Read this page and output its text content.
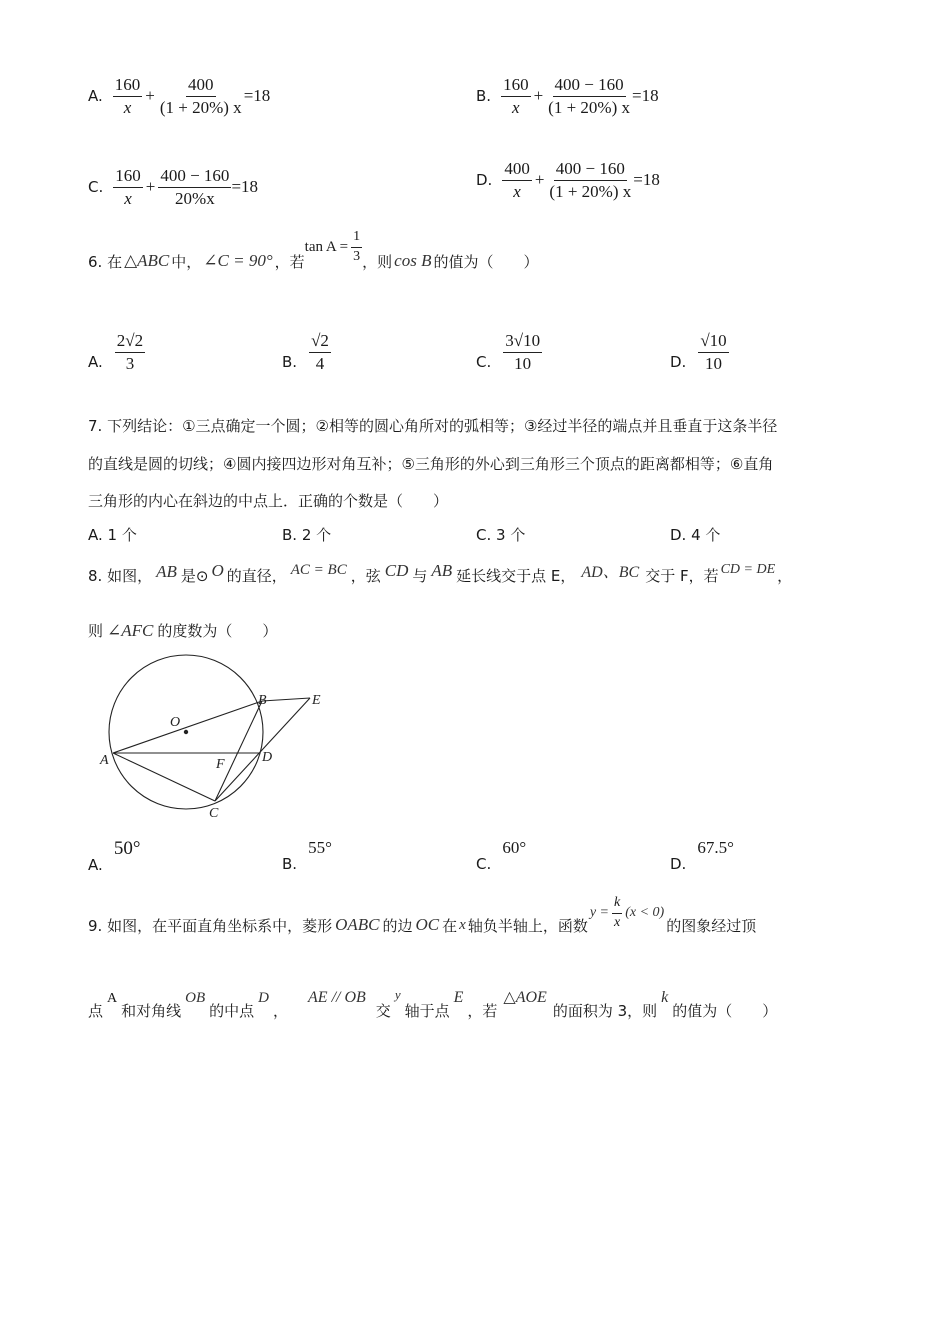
A. $\frac{160}{x} + \frac{400}{(1 + 20\%) x} =18$	B. $\frac{160}{x} + \frac{400 - 160}{(1 + 20\%) x} =18$
C. $\frac{160}{x} + \frac{400 - 160}{20\%x} =18$	D. $\frac{400}{x} + \frac{400 - 160}{(1 + 20\%) x} =18$
6. 在 △ABC 中， ∠C = 90° ，若
$\tan A = \frac{1}{3}$ ，则 cos B 的值为（　　）
A. $\frac{2√2}{3}$	B. $\frac{√2}{4}$	C. $\frac{3√10}{10}$	D. $\frac{√10}{10}$
7. 下列结论：①三点确定一个圆；②相等的圆心角所对的弧相等；③经过半径的端点并且垂直于这条半径
的直线是圆的切线；④圆内接四边形对角互补；⑤三角形的外心到三角形三个顶点的距离都相等；⑥直角
三角形的内心在斜边的中点上．正确的个数是（　　）
A. 1 个	B. 2 个	C. 3 个	D. 4 个
8. 如图， AB 是⊙ O 的直径， AC = BC ，弦 CD 与 AB 延长线交于点 E， AD、BC 交于 F，若 CD = DE ，
则 ∠AFC 的度数为（　　）
O
A
B
C
D
E
F
A. 50°
B. 55°
C. 60°
D. 67.5°
9. 如图，在平面直角坐标系中，菱形 OABC 的边 OC 在 x 轴负半轴上，函数
$y = \frac{k}{x} (x < 0)$
的图象经过顶
点
A
和对角线
OB
的中点
D
，
AE // OB
交
y
轴于点
E
，若
△AOE
的面积为 3，则
k
的值为（　　）
